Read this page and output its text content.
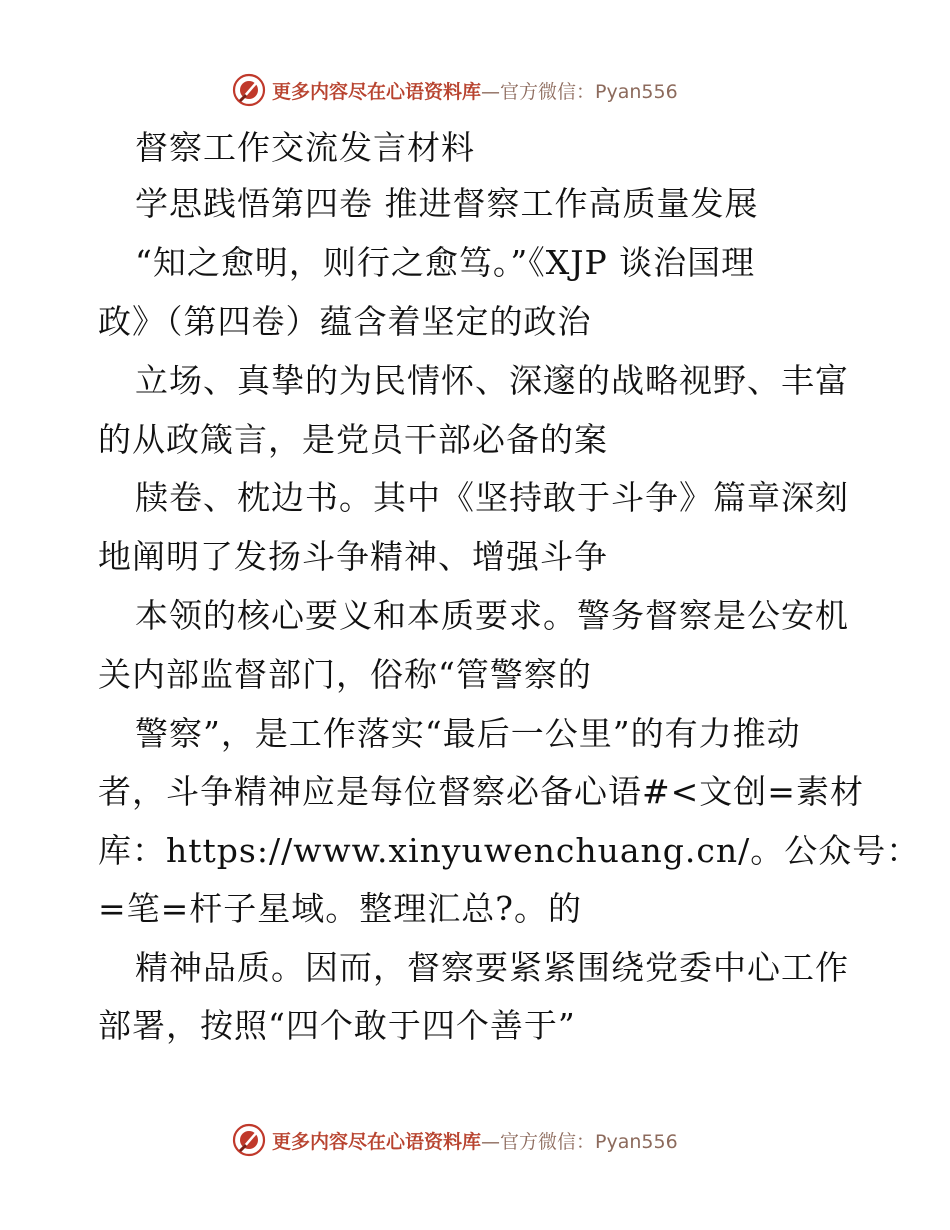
更多内容尽在心语资料库—官方微信：Pyan556
督察工作交流发言材料
学思践悟第四卷 推进督察工作高质量发展
“知之愈明，则行之愈笃。”《XJP 谈治国理
政》（第四卷）蕴含着坚定的政治
立场、真挚的为民情怀、深邃的战略视野、丰富
的从政箴言，是党员干部必备的案
牍卷、枕边书。其中《坚持敢于斗争》篇章深刻
地阐明了发扬斗争精神、增强斗争
本领的核心要义和本质要求。警务督察是公安机
关内部监督部门，俗称“管警察的
警察”，是工作落实“最后一公里”的有力推动
者，斗争精神应是每位督察必备心语#<文创=素材
库：https://www.xinyuwenchuang.cn/。公众号：
=笔=杆子星域。整理汇总?。的
精神品质。因而，督察要紧紧围绕党委中心工作
部署，按照“四个敢于四个善于”
更多内容尽在心语资料库—官方微信：Pyan556
